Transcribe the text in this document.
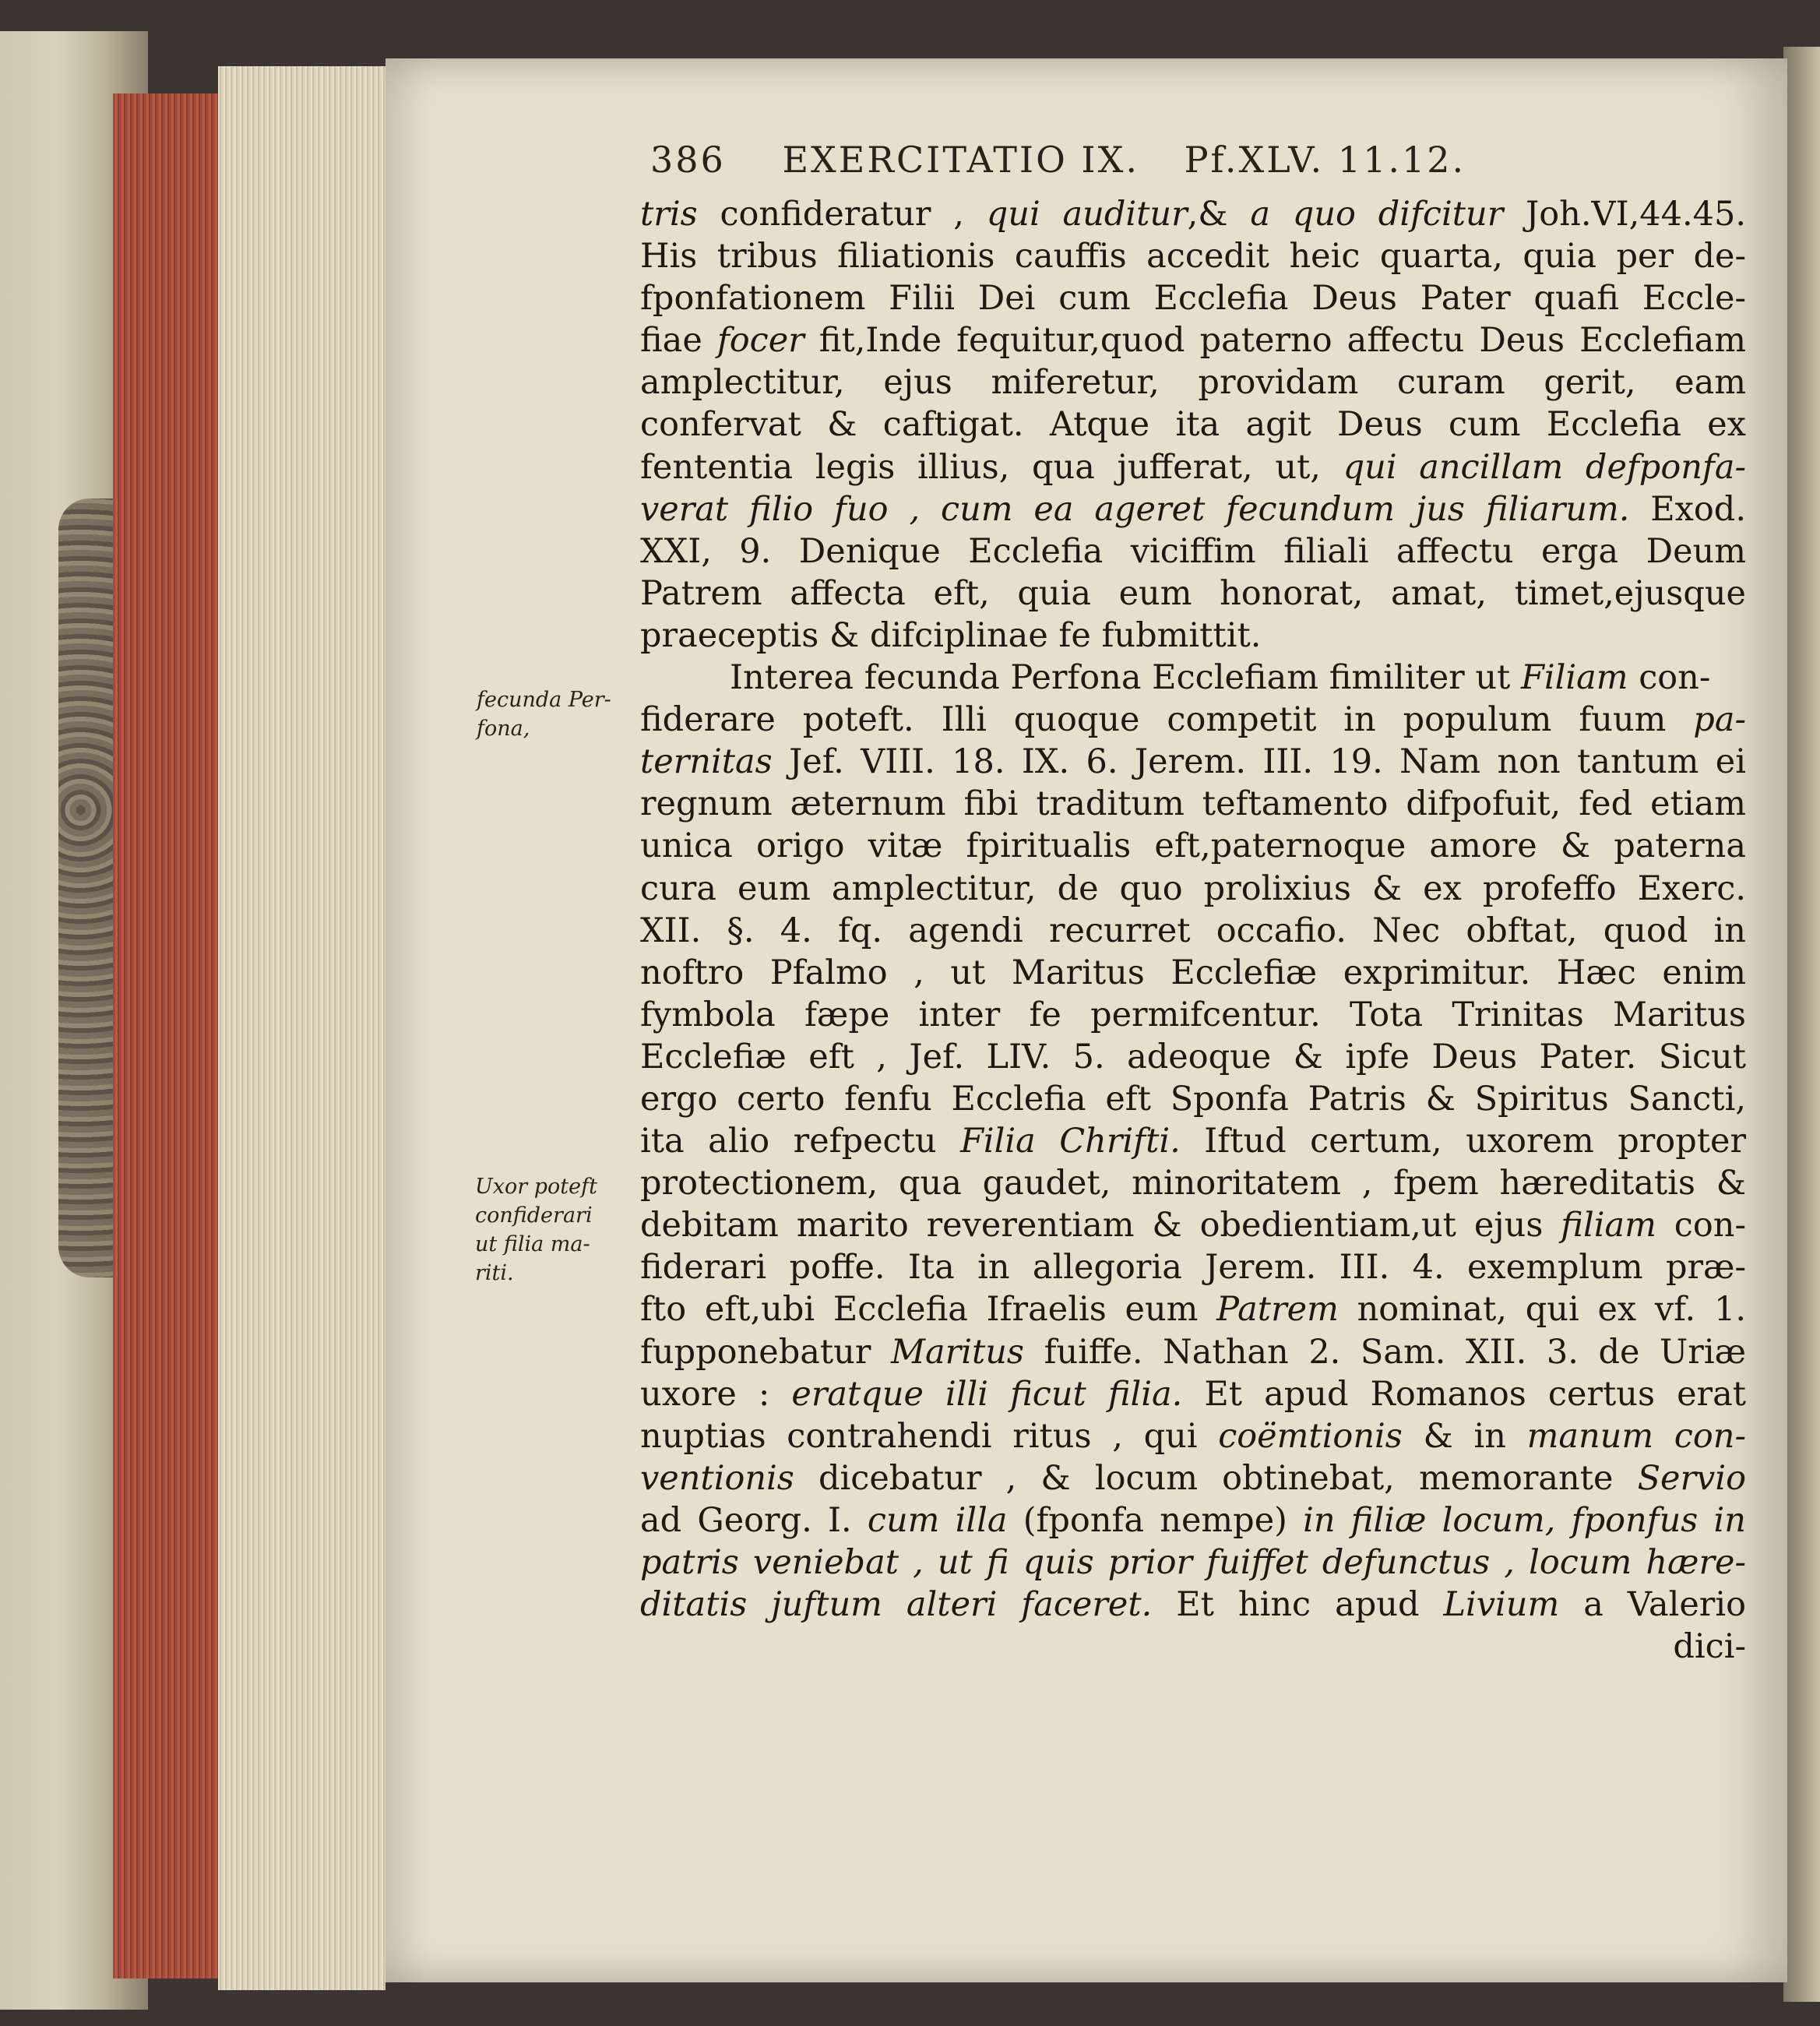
386 EXERCITATIO IX. Pf.XLV. 11.12.
fecunda Per-
fona,
Uxor poteft
confiderari
ut filia ma-
riti.
tris confideratur , qui auditur,& a quo difcitur Joh.VI,44.45.
His tribus filiationis cauffis accedit heic quarta, quia per de-
fponfationem Filii Dei cum Ecclefia Deus Pater quafi Eccle-
fiae focer fit,Inde fequitur,quod paterno affectu Deus Ecclefiam
amplectitur, ejus miferetur, providam curam gerit, eam
confervat & caftigat. Atque ita agit Deus cum Ecclefia ex
fententia legis illius, qua jufferat, ut, qui ancillam defponfa-
verat filio fuo , cum ea ageret fecundum jus filiarum. Exod.
XXI, 9. Denique Ecclefia viciffim filiali affectu erga Deum
Patrem affecta eft, quia eum honorat, amat, timet,ejusque
praeceptis & difciplinae fe fubmittit.
Interea fecunda Perfona Ecclefiam fimiliter ut Filiam con-
fiderare poteft. Illi quoque competit in populum fuum pa-
ternitas Jef. VIII. 18. IX. 6. Jerem. III. 19. Nam non tantum ei
regnum æternum fibi traditum teftamento difpofuit, fed etiam
unica origo vitæ fpiritualis eft,paternoque amore & paterna
cura eum amplectitur, de quo prolixius & ex profeffo Exerc.
XII. §. 4. fq. agendi recurret occafio. Nec obftat, quod in
noftro Pfalmo , ut Maritus Ecclefiæ exprimitur. Hæc enim
fymbola fæpe inter fe permifcentur. Tota Trinitas Maritus
Ecclefiæ eft , Jef. LIV. 5. adeoque & ipfe Deus Pater. Sicut
ergo certo fenfu Ecclefia eft Sponfa Patris & Spiritus Sancti,
ita alio refpectu Filia Chrifti. Iftud certum, uxorem propter
protectionem, qua gaudet, minoritatem , fpem hæreditatis &
debitam marito reverentiam & obedientiam,ut ejus filiam con-
fiderari poffe. Ita in allegoria Jerem. III. 4. exemplum præ-
fto eft,ubi Ecclefia Ifraelis eum Patrem nominat, qui ex vf. 1.
fupponebatur Maritus fuiffe. Nathan 2. Sam. XII. 3. de Uriæ
uxore : eratque illi ficut filia. Et apud Romanos certus erat
nuptias contrahendi ritus , qui coëmtionis & in manum con-
ventionis dicebatur , & locum obtinebat, memorante Servio
ad Georg. I. cum illa (fponfa nempe) in filiæ locum, fponfus in
patris veniebat , ut fi quis prior fuiffet defunctus , locum hære-
ditatis juftum alteri faceret. Et hinc apud Livium a Valerio
dici-
